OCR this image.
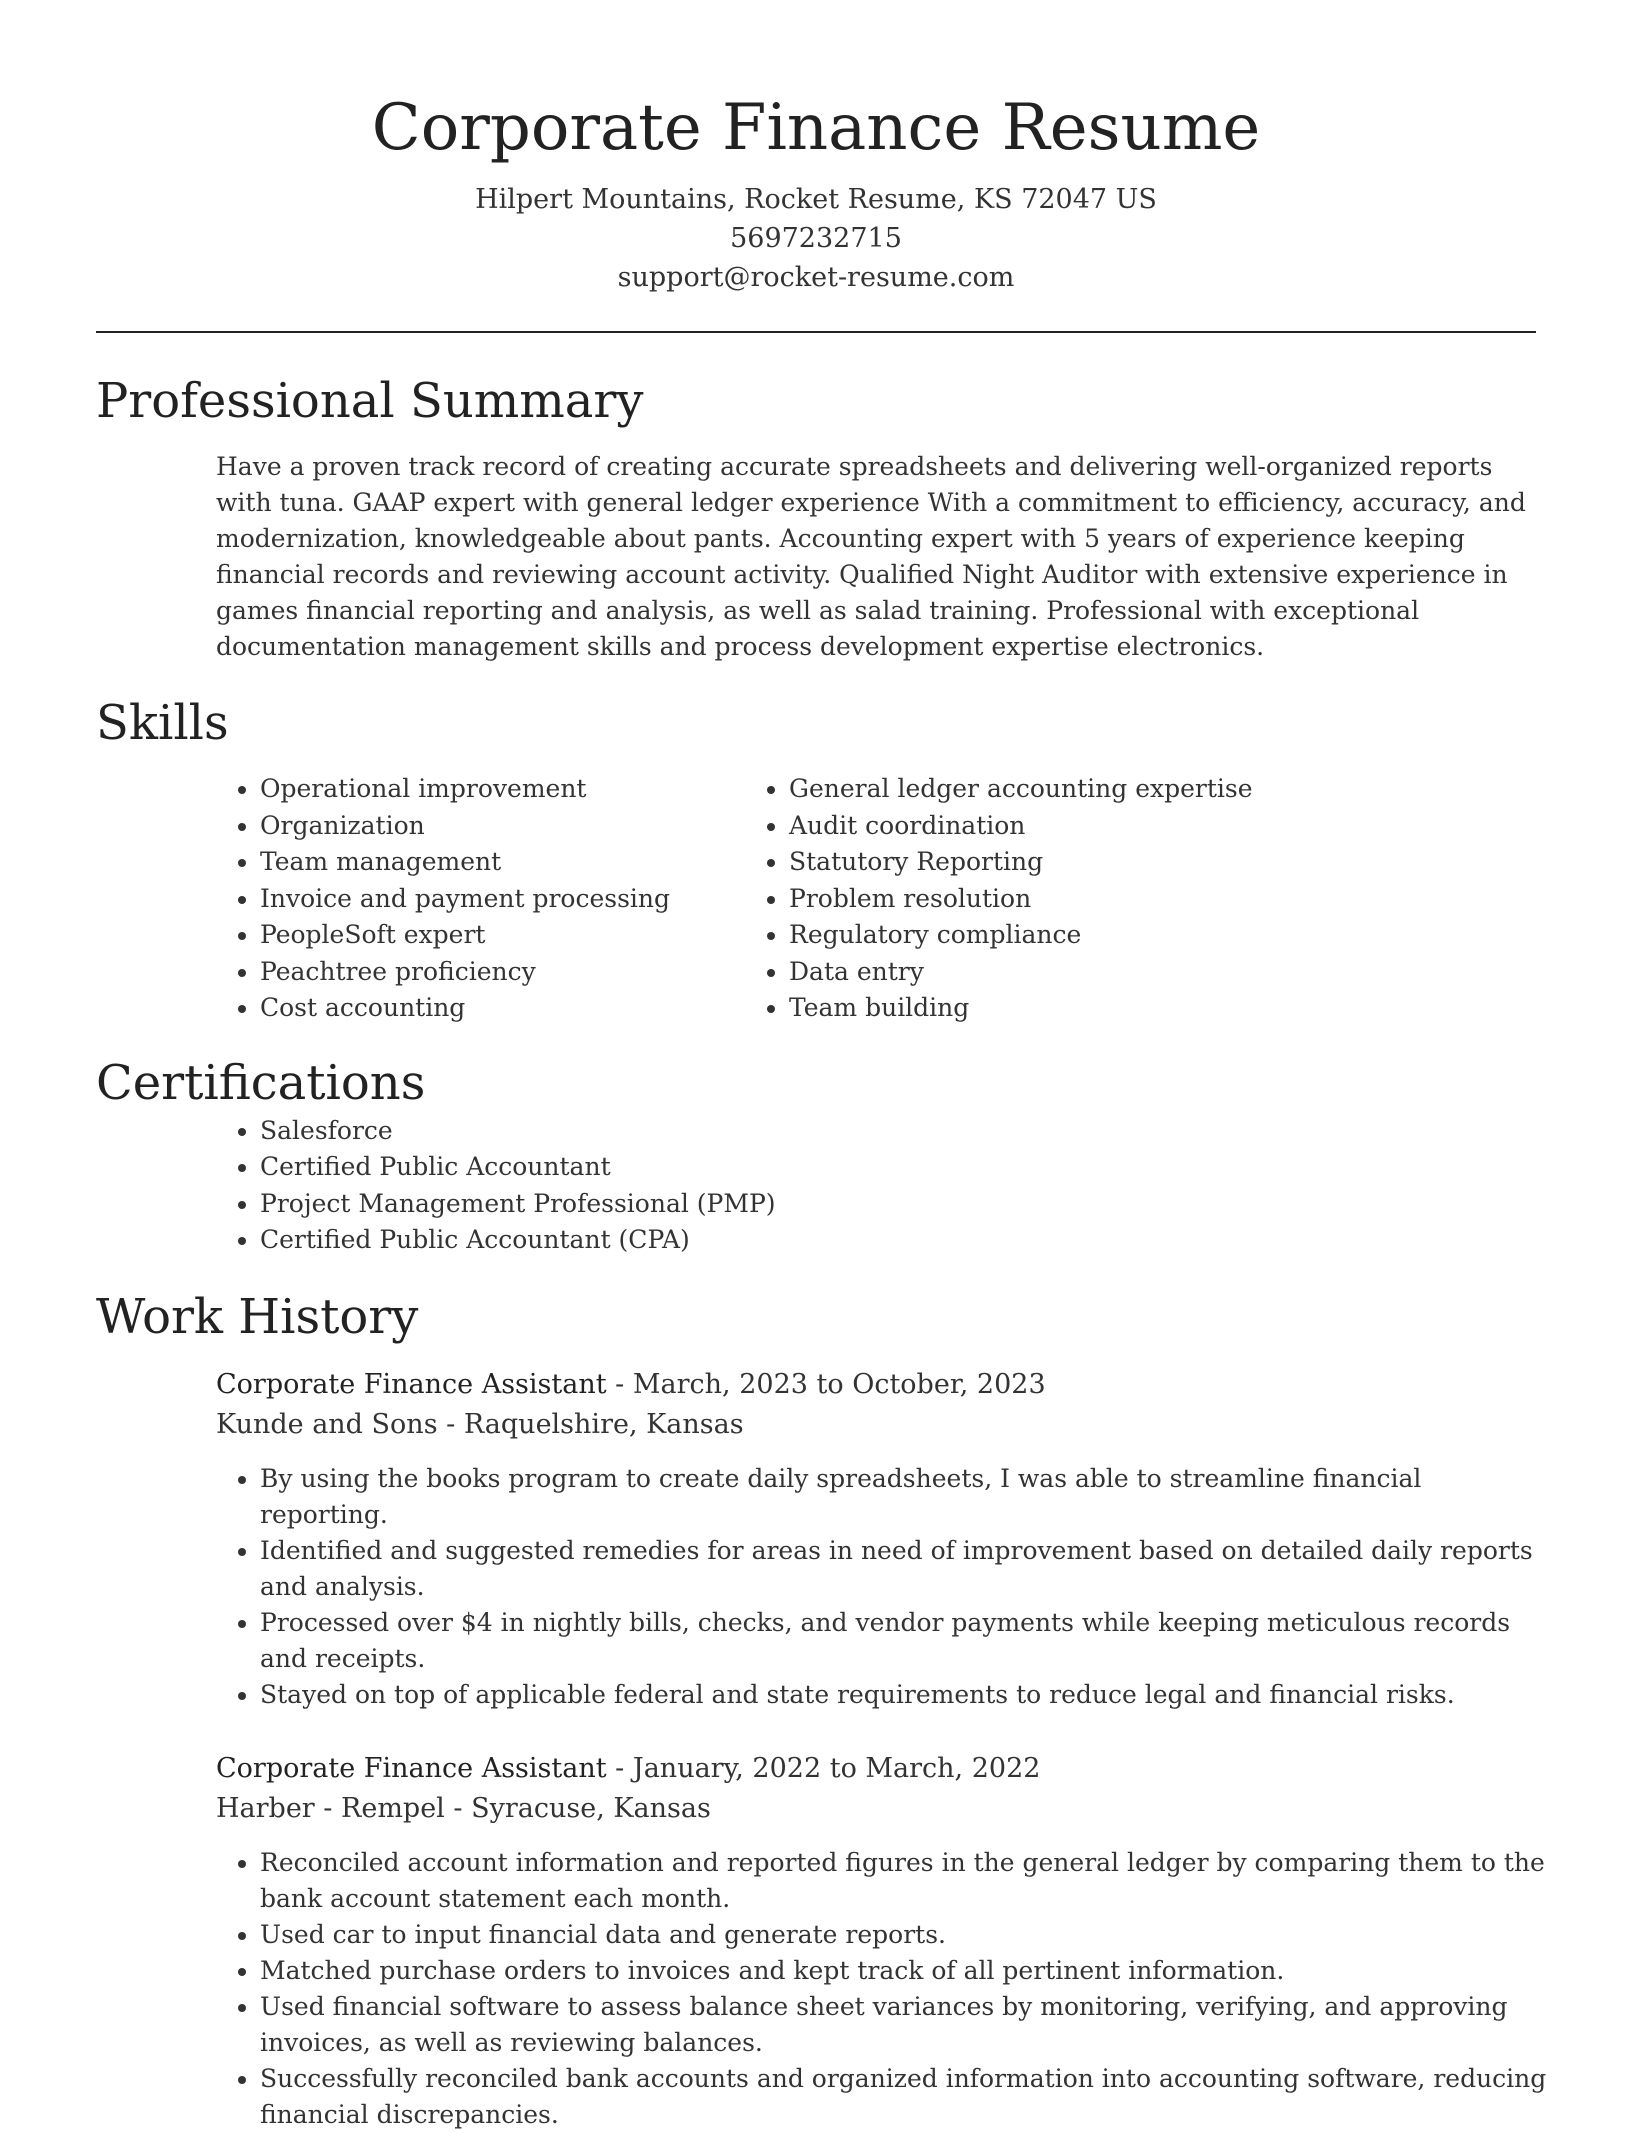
Corporate Finance Resume
Hilpert Mountains, Rocket Resume, KS 72047 US
5697232715
support@rocket-resume.com
Professional Summary

Have a proven track record of creating accurate spreadsheets and delivering well-organized reports with tuna. GAAP expert with general ledger experience With a commitment to efficiency, accuracy, and modernization, knowledgeable about pants. Accounting expert with 5 years of experience keeping financial records and reviewing account activity. Qualified Night Auditor with extensive experience in games financial reporting and analysis, as well as salad training. Professional with exceptional documentation management skills and process development expertise electronics.

Skills
• Operational improvement
• Organization
• Team management
• Invoice and payment processing
• PeopleSoft expert
• Peachtree proficiency
• Cost accounting
• General ledger accounting expertise
• Audit coordination
• Statutory Reporting
• Problem resolution
• Regulatory compliance
• Data entry
• Team building
Certifications
• Salesforce
• Certified Public Accountant
• Project Management Professional (PMP)
• Certified Public Accountant (CPA)
Work History
Corporate Finance Assistant - March, 2023 to October, 2023
Kunde and Sons - Raquelshire, Kansas
• By using the books program to create daily spreadsheets, I was able to streamline financial reporting.
• Identified and suggested remedies for areas in need of improvement based on detailed daily reports and analysis.
• Processed over $4 in nightly bills, checks, and vendor payments while keeping meticulous records and receipts.
• Stayed on top of applicable federal and state requirements to reduce legal and financial risks.
Corporate Finance Assistant - January, 2022 to March, 2022
Harber - Rempel - Syracuse, Kansas
• Reconciled account information and reported figures in the general ledger by comparing them to the bank account statement each month.
• Used car to input financial data and generate reports.
• Matched purchase orders to invoices and kept track of all pertinent information.
• Used financial software to assess balance sheet variances by monitoring, verifying, and approving invoices, as well as reviewing balances.
• Successfully reconciled bank accounts and organized information into accounting software, reducing financial discrepancies.
